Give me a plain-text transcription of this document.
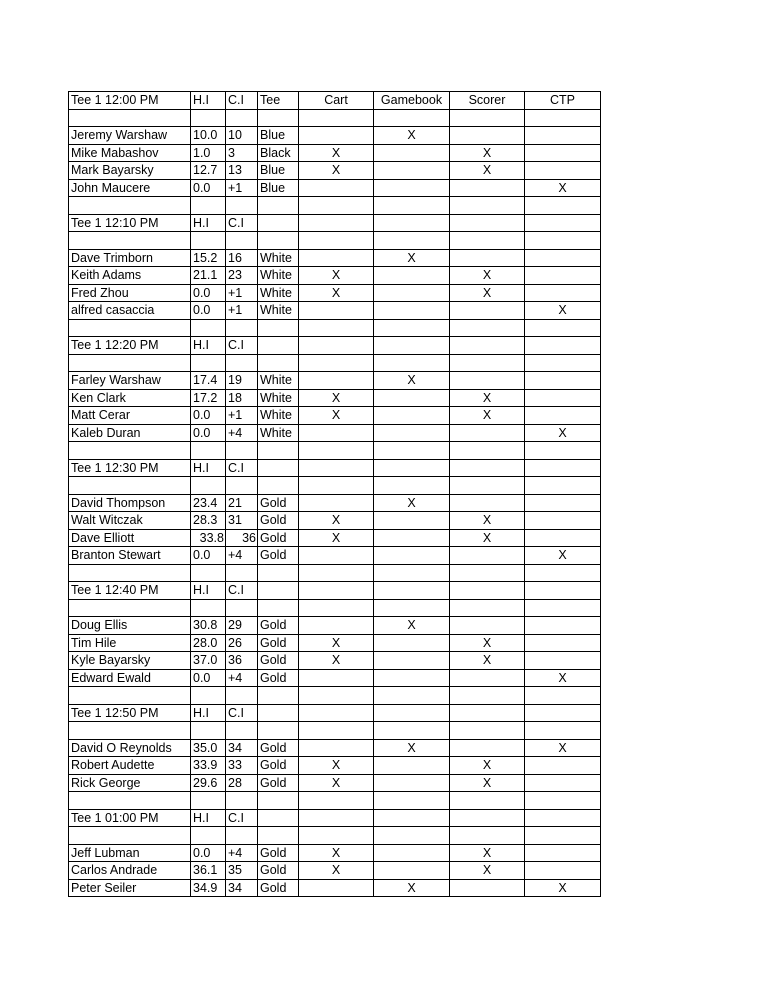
Tee 1 12:00 PM	H.I	C.I	Tee	Cart	Gamebook	Scorer	CTP

Jeremy Warshaw	10.0	10	Blue		X		
Mike Mabashov	1.0	3	Black	X		X	
Mark Bayarsky	12.7	13	Blue	X		X	
John Maucere	0.0	+1	Blue				X

Tee 1 12:10 PM	H.I	C.I					

Dave Trimborn	15.2	16	White		X		
Keith Adams	21.1	23	White	X		X	
Fred Zhou	0.0	+1	White	X		X	
alfred casaccia	0.0	+1	White				X

Tee 1 12:20 PM	H.I	C.I					

Farley Warshaw	17.4	19	White		X		
Ken Clark	17.2	18	White	X		X	
Matt Cerar	0.0	+1	White	X		X	
Kaleb Duran	0.0	+4	White				X

Tee 1 12:30 PM	H.I	C.I					

David Thompson	23.4	21	Gold		X		
Walt Witczak	28.3	31	Gold	X		X	
Dave Elliott	33.8	36	Gold	X		X	
Branton Stewart	0.0	+4	Gold				X

Tee 1 12:40 PM	H.I	C.I					

Doug Ellis	30.8	29	Gold		X		
Tim Hile	28.0	26	Gold	X		X	
Kyle Bayarsky	37.0	36	Gold	X		X	
Edward Ewald	0.0	+4	Gold				X

Tee 1 12:50 PM	H.I	C.I					

David O Reynolds	35.0	34	Gold		X		X
Robert Audette	33.9	33	Gold	X		X	
Rick George	29.6	28	Gold	X		X	

Tee 1 01:00 PM	H.I	C.I					

Jeff Lubman	0.0	+4	Gold	X		X	
Carlos Andrade	36.1	35	Gold	X		X	
Peter Seiler	34.9	34	Gold		X		X
